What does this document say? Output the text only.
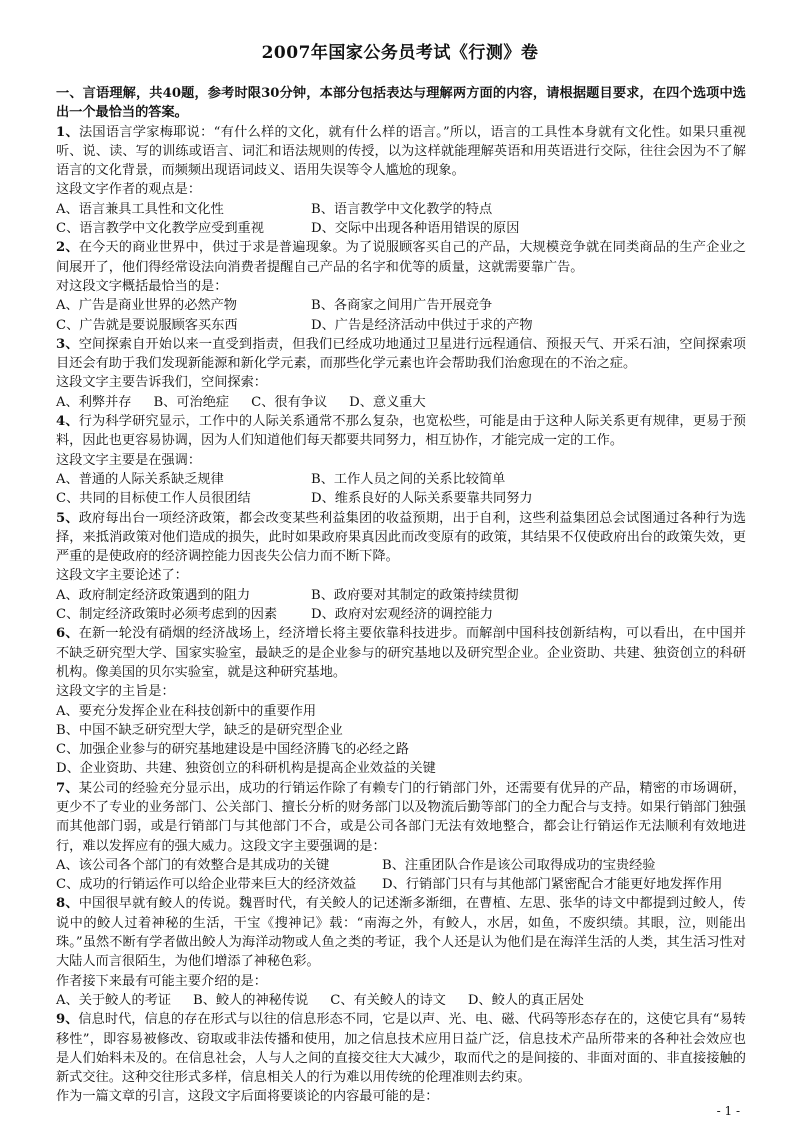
2007年国家公务员考试《行测》卷

一、言语理解，共40题，参考时限30分钟，本部分包括表达与理解两方面的内容，请根据题目要求，在四个选项中选出一个最恰当的答案。

1、法国语言学家梅耶说：“有什么样的文化，就有什么样的语言。”所以，语言的工具性本身就有文化性。如果只重视听、说、读、写的训练或语言、词汇和语法规则的传授，以为这样就能理解英语和用英语进行交际，往往会因为不了解语言的文化背景，而频频出现语词歧义、语用失误等令人尴尬的现象。

这段文字作者的观点是：

A、语言兼具工具性和文化性	B、语言教学中文化教学的特点
C、语言教学中文化教学应受到重视	D、交际中出现各种语用错误的原因

2、在今天的商业世界中，供过于求是普遍现象。为了说服顾客买自己的产品，大规模竞争就在同类商品的生产企业之间展开了，他们得经常设法向消费者提醒自己产品的名字和优等的质量，这就需要靠广告。

对这段文字概括最恰当的是：

A、广告是商业世界的必然产物	B、各商家之间用广告开展竞争
C、广告就是要说服顾客买东西	D、广告是经济活动中供过于求的产物

3、空间探索自开始以来一直受到指责，但我们已经成功地通过卫星进行远程通信、预报天气、开采石油，空间探索项目还会有助于我们发现新能源和新化学元素，而那些化学元素也许会帮助我们治愈现在的不治之症。

这段文字主要告诉我们，空间探索：

A、利弊并存 B、可治绝症 C、很有争议 D、意义重大

4、行为科学研究显示，工作中的人际关系通常不那么复杂，也宽松些，可能是由于这种人际关系更有规律，更易于预料，因此也更容易协调，因为人们知道他们每天都要共同努力，相互协作，才能完成一定的工作。

这段文字主要是在强调：

A、普通的人际关系缺乏规律	B、工作人员之间的关系比较简单
C、共同的目标使工作人员很团结	D、维系良好的人际关系要靠共同努力

5、政府每出台一项经济政策，都会改变某些利益集团的收益预期，出于自利，这些利益集团总会试图通过各种行为选择，来抵消政策对他们造成的损失，此时如果政府果真因此而改变原有的政策，其结果不仅使政府出台的政策失效，更严重的是使政府的经济调控能力因丧失公信力而不断下降。

这段文字主要论述了：

A、政府制定经济政策遇到的阻力	B、政府要对其制定的政策持续贯彻
C、制定经济政策时必须考虑到的因素	D、政府对宏观经济的调控能力

6、在新一轮没有硝烟的经济战场上，经济增长将主要依靠科技进步。而解剖中国科技创新结构，可以看出，在中国并不缺乏研究型大学、国家实验室，最缺乏的是企业参与的研究基地以及研究型企业。企业资助、共建、独资创立的科研机构。像美国的贝尔实验室，就是这种研究基地。

这段文字的主旨是：

A、要充分发挥企业在科技创新中的重要作用

B、中国不缺乏研究型大学，缺乏的是研究型企业

C、加强企业参与的研究基地建设是中国经济腾飞的必经之路

D、企业资助、共建、独资创立的科研机构是提高企业效益的关键

7、某公司的经验充分显示出，成功的行销运作除了有赖专门的行销部门外，还需要有优异的产品，精密的市场调研，更少不了专业的业务部门、公关部门、擅长分析的财务部门以及物流后勤等部门的全力配合与支持。如果行销部门独强而其他部门弱，或是行销部门与其他部门不合，或是公司各部门无法有效地整合，都会让行销运作无法顺利有效地进行，难以发挥应有的强大威力。这段文字主要强调的是：

A、该公司各个部门的有效整合是其成功的关键	B、注重团队合作是该公司取得成功的宝贵经验
C、成功的行销运作可以给企业带来巨大的经济效益	D、行销部门只有与其他部门紧密配合才能更好地发挥作用

8、中国很早就有鲛人的传说。魏晋时代，有关鲛人的记述渐多渐细，在曹植、左思、张华的诗文中都提到过鲛人，传说中的鲛人过着神秘的生活，干宝《搜神记》载：“南海之外，有鲛人，水居，如鱼，不废织绩。其眼，泣，则能出珠。”虽然不断有学者做出鲛人为海洋动物或人鱼之类的考证，我个人还是认为他们是在海洋生活的人类，其生活习性对大陆人而言很陌生，为他们增添了神秘色彩。

作者接下来最有可能主要介绍的是：

A、关于鲛人的考证 B、鲛人的神秘传说 C、有关鲛人的诗文 D、鲛人的真正居处

9、信息时代，信息的存在形式与以往的信息形态不同，它是以声、光、电、磁、代码等形态存在的，这使它具有“易转移性”，即容易被修改、窃取或非法传播和使用，加之信息技术应用日益广泛，信息技术产品所带来的各种社会效应也是人们始料未及的。在信息社会，人与人之间的直接交往大大减少，取而代之的是间接的、非面对面的、非直接接触的新式交往。这种交往形式多样，信息相关人的行为难以用传统的伦理准则去约束。

作为一篇文章的引言，这段文字后面将要谈论的内容最可能的是：

- 1 -
